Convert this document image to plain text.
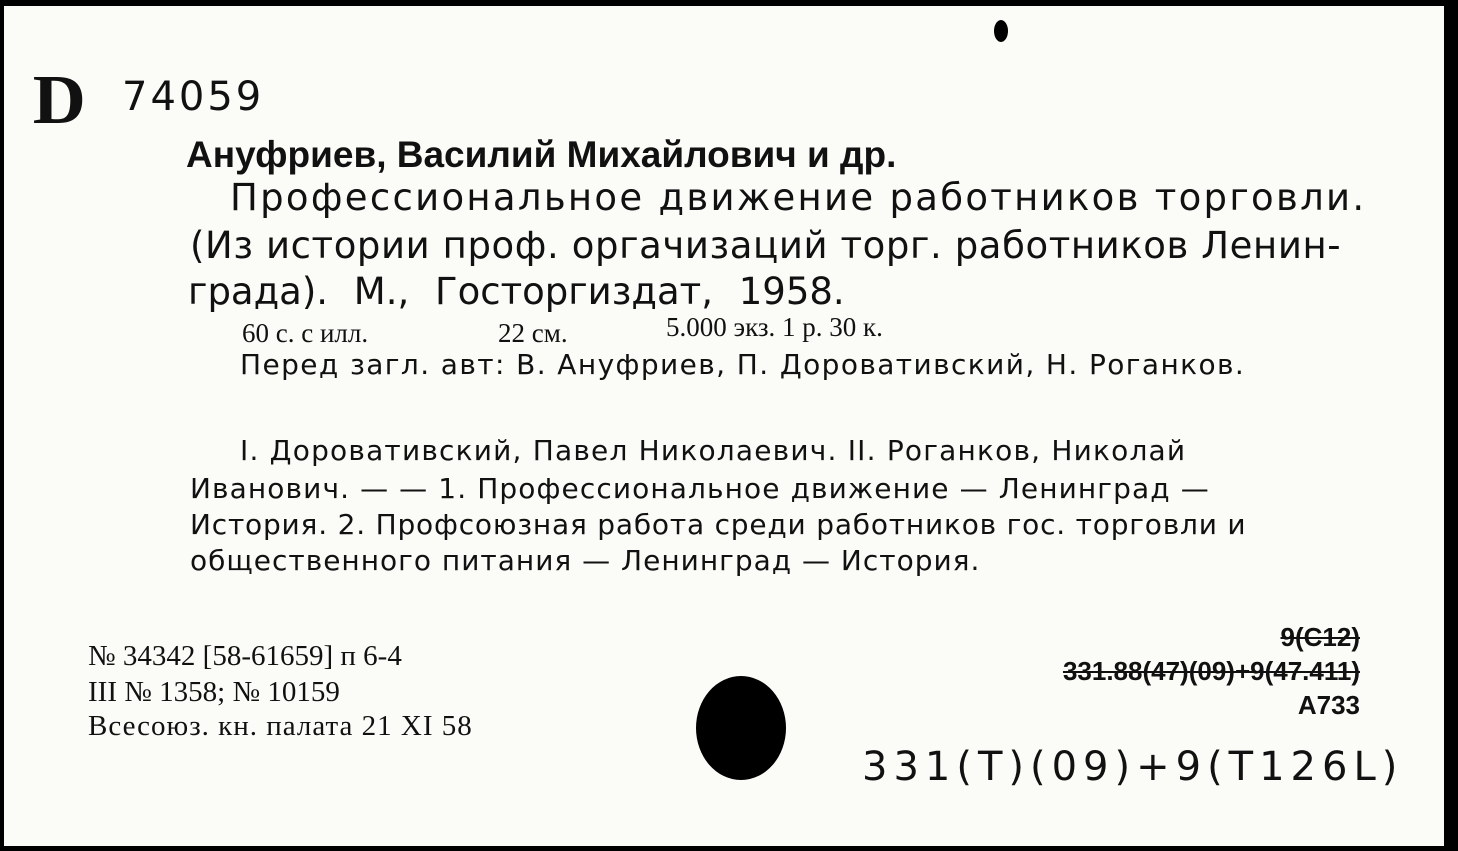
D 74059
Ануфриев, Василий Михайлович и др.
Профессиональное движение работников торговли.
(Из истории проф. оргачизаций торг. работников Ленин-
града). М., Госторгиздат, 1958.
60 с. с илл.	22 см.	5.000 экз. 1 р. 30 к.
Перед загл. авт: В. Ануфриев, П. Доровативский, Н. Роганков.
I. Доровативский, Павел Николаевич. II. Роганков, Николай
Иванович. — — 1. Профессиональное движение — Ленинград —
История. 2. Профсоюзная работа среди работников гос. торговли и
общественного питания — Ленинград — История.
№ 34342 [58-61659] п 6-4
III № 1358; № 10159
Всесоюз. кн. палата 21 XI 58
9(С12)
331.88(47)(09)+9(47.411)
А733
331(Т)(09)+9(Т126L)
